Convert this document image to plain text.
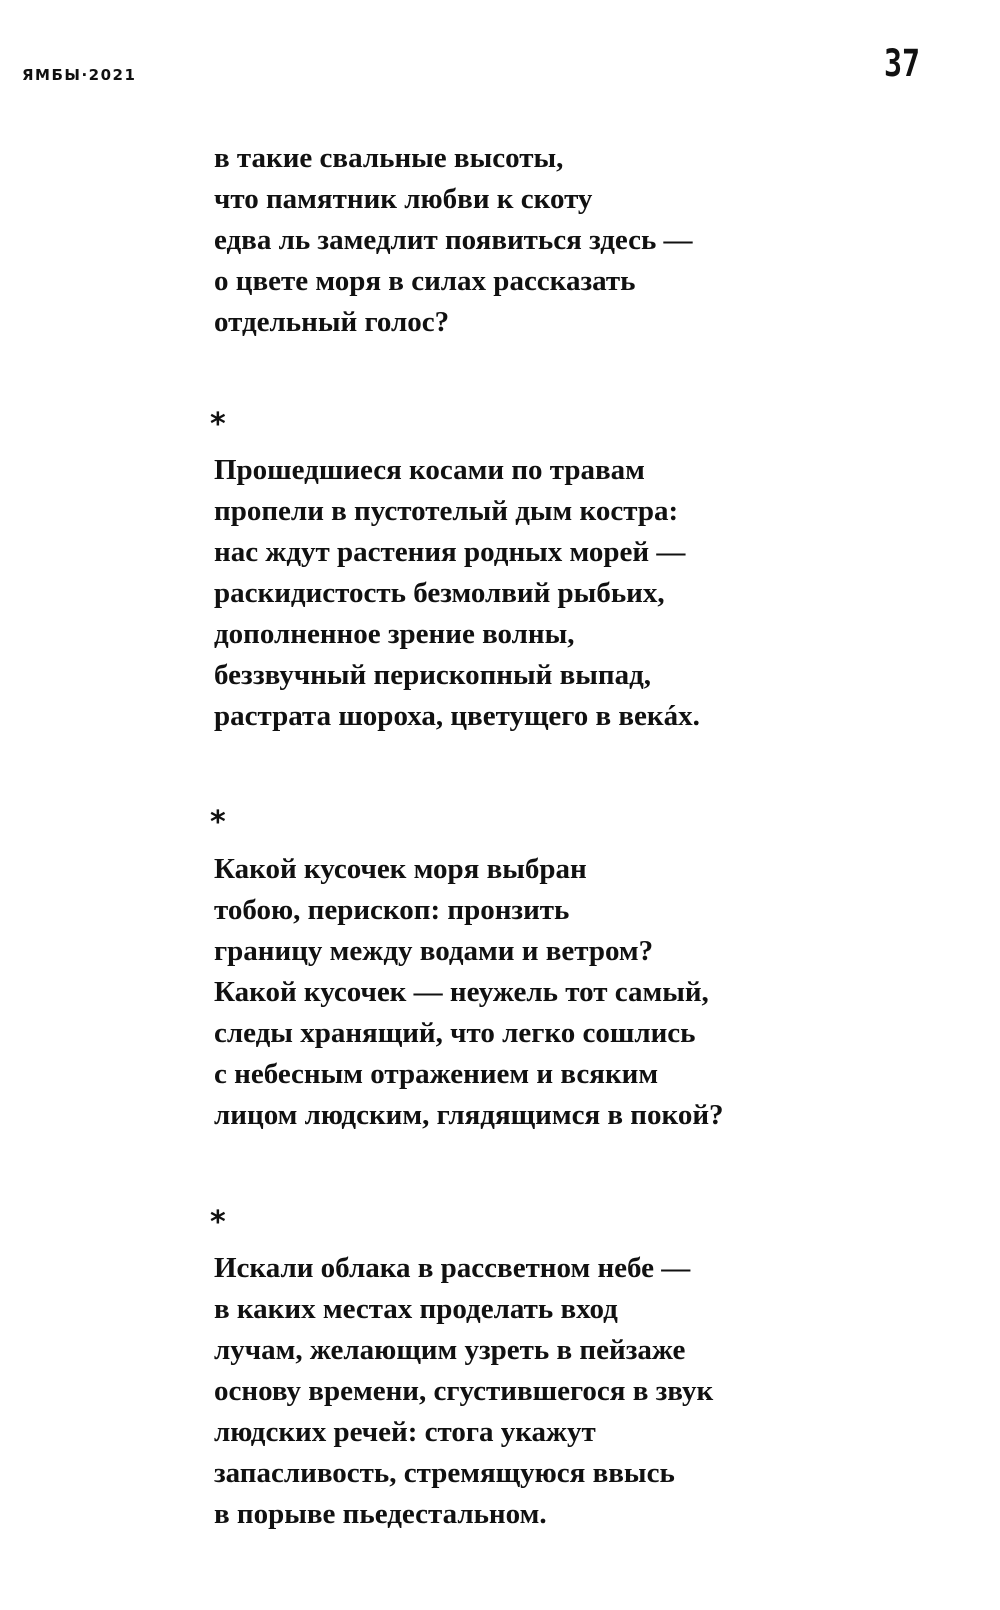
ЯМБЫ·2021	37
в такие свальные высоты,
что памятник любви к скоту
едва ль замедлит появиться здесь —
о цвете моря в силах рассказать
отдельный голос?
*
Прошедшиеся косами по травам
пропели в пустотелый дым костра:
нас ждут растения родных морей —
раскидистость безмолвий рыбьих,
дополненное зрение волны,
беззвучный перископный выпад,
растрата шороха, цветущего в вeкáх.
*
Какой кусочек моря выбран
тобою, перископ: пронзить
границу между водами и ветром?
Какой кусочек — неужель тот самый,
следы хранящий, что легко сошлись
с небесным отражением и всяким
лицом людским, глядящимся в покой?
*
Искали облака в рассветном небе —
в каких местах проделать вход
лучам, желающим узреть в пейзаже
основу времени, сгустившегося в звук
людских речей: стога укажут
запасливость, стремящуюся ввысь
в порыве пьедестальном.
